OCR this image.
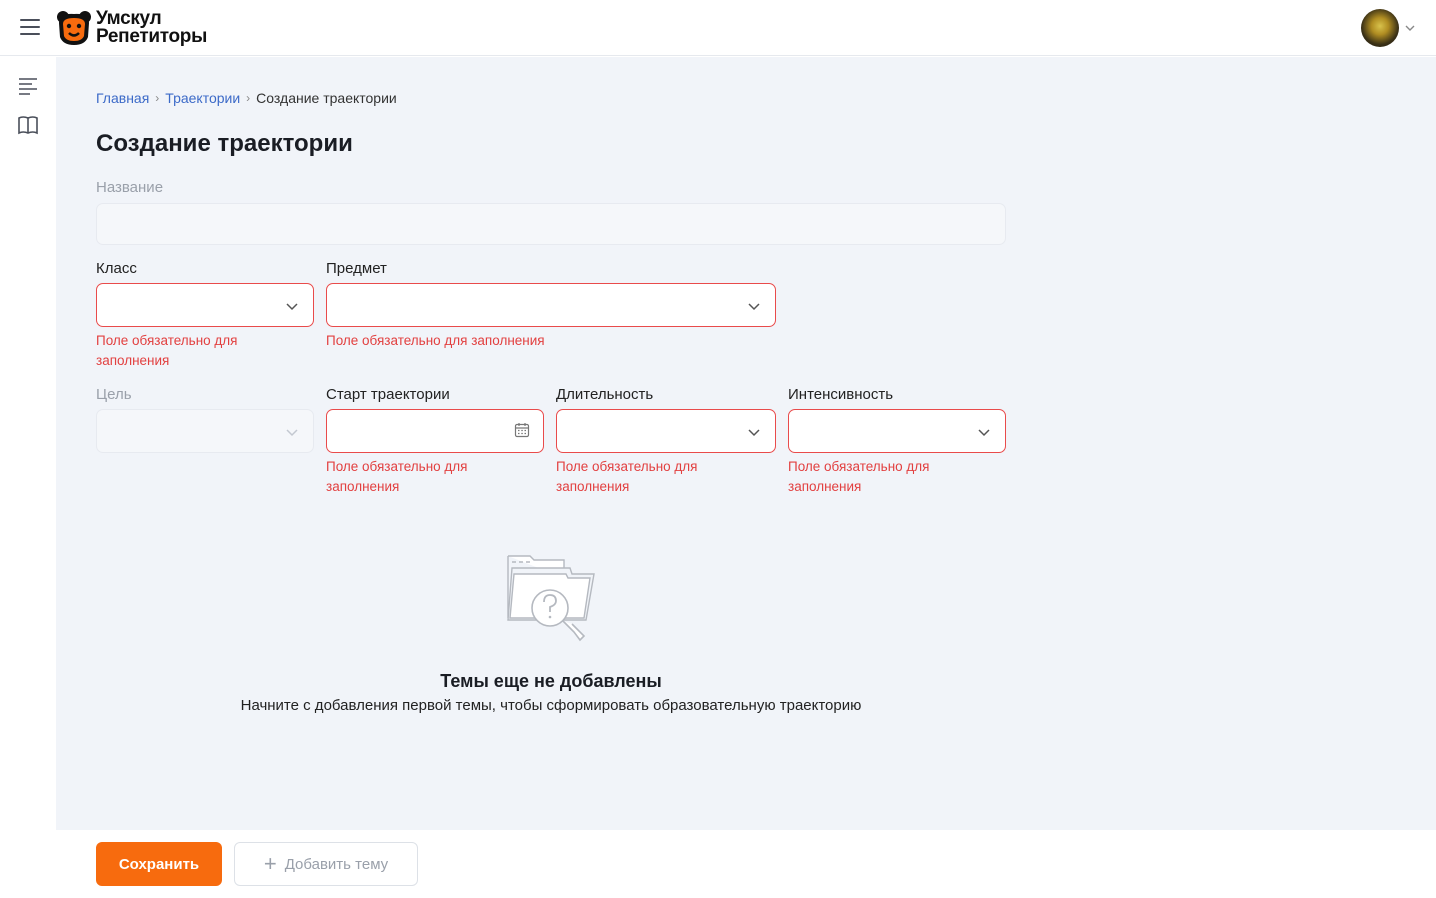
Умскул
Репетиторы
Главная › Траектории › Создание траектории
Создание траектории
Название
Класс
Поле обязательно для заполнения
Предмет
Поле обязательно для заполнения
Цель	Старт траектории
Поле обязательно для заполнения
Длительность
Поле обязательно для заполнения
Интенсивность
Поле обязательно для заполнения
Темы еще не добавлены
Начните с добавления первой темы, чтобы сформировать образовательную траекторию
Сохранить	+ Добавить тему
